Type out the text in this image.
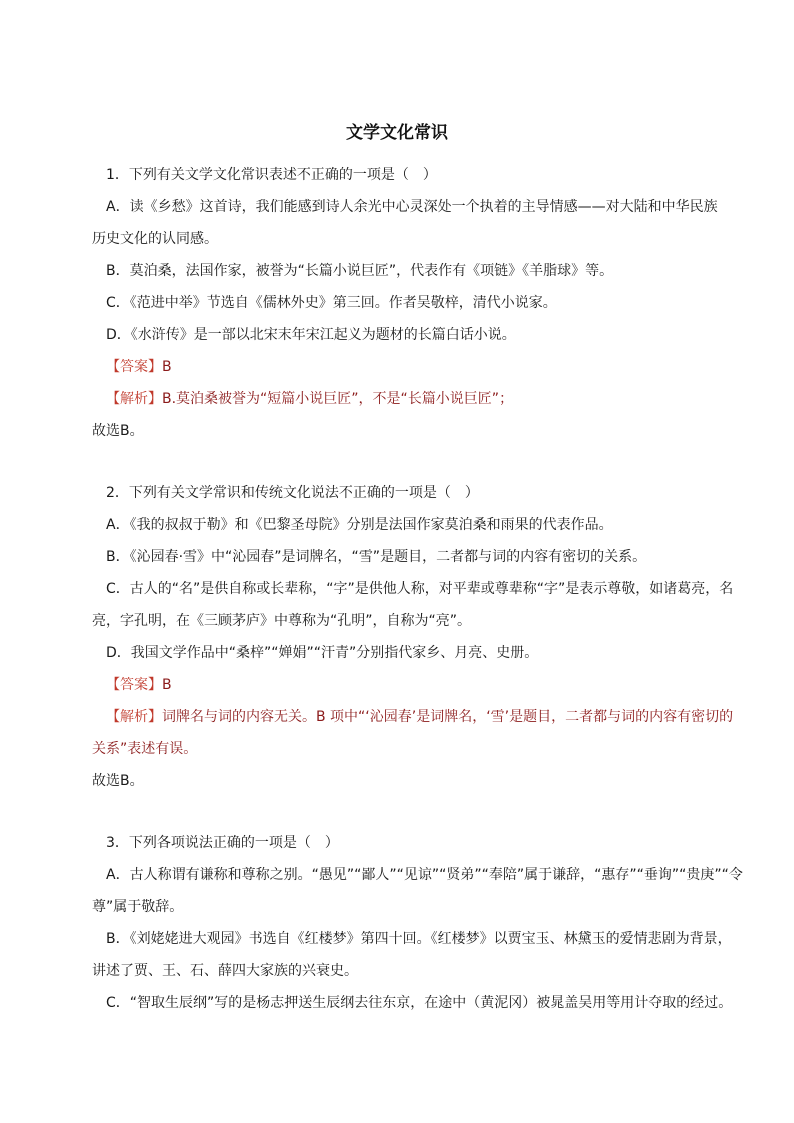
文学文化常识
1．下列有关文学文化常识表述不正确的一项是（　）
A．读《乡愁》这首诗，我们能感到诗人余光中心灵深处一个执着的主导情感——对大陆和中华民族
历史文化的认同感。
B．莫泊桑，法国作家，被誉为“长篇小说巨匠”，代表作有《项链》《羊脂球》等。
C．《范进中举》节选自《儒林外史》第三回。作者吴敬梓，清代小说家。
D．《水浒传》是一部以北宋末年宋江起义为题材的长篇白话小说。
【答案】B
【解析】B.莫泊桑被誉为“短篇小说巨匠”，不是“长篇小说巨匠”；
故选B。
2．下列有关文学常识和传统文化说法不正确的一项是（　）
A．《我的叔叔于勒》和《巴黎圣母院》分别是法国作家莫泊桑和雨果的代表作品。
B．《沁园春·雪》中“沁园春”是词牌名，“雪”是题目，二者都与词的内容有密切的关系。
C．古人的“名”是供自称或长辈称，“字”是供他人称，对平辈或尊辈称“字”是表示尊敬，如诸葛亮，名
亮，字孔明，在《三顾茅庐》中尊称为“孔明”，自称为“亮”。
D．我国文学作品中“桑梓”“婵娟”“汗青”分别指代家乡、月亮、史册。
【答案】B
【解析】词牌名与词的内容无关。B 项中“‘沁园春’是词牌名，‘雪’是题目，二者都与词的内容有密切的
关系”表述有误。
故选B。
3．下列各项说法正确的一项是（　）
A．古人称谓有谦称和尊称之别。“愚见”“鄙人”“见谅”“贤弟”“奉陪”属于谦辞，“惠存”“垂询”“贵庚”“令
尊”属于敬辞。
B．《刘姥姥进大观园》书选自《红楼梦》第四十回。《红楼梦》以贾宝玉、林黛玉的爱情悲剧为背景，
讲述了贾、王、石、薛四大家族的兴衰史。
C．“智取生辰纲”写的是杨志押送生辰纲去往东京，在途中（黄泥冈）被晁盖吴用等用计夺取的经过。
